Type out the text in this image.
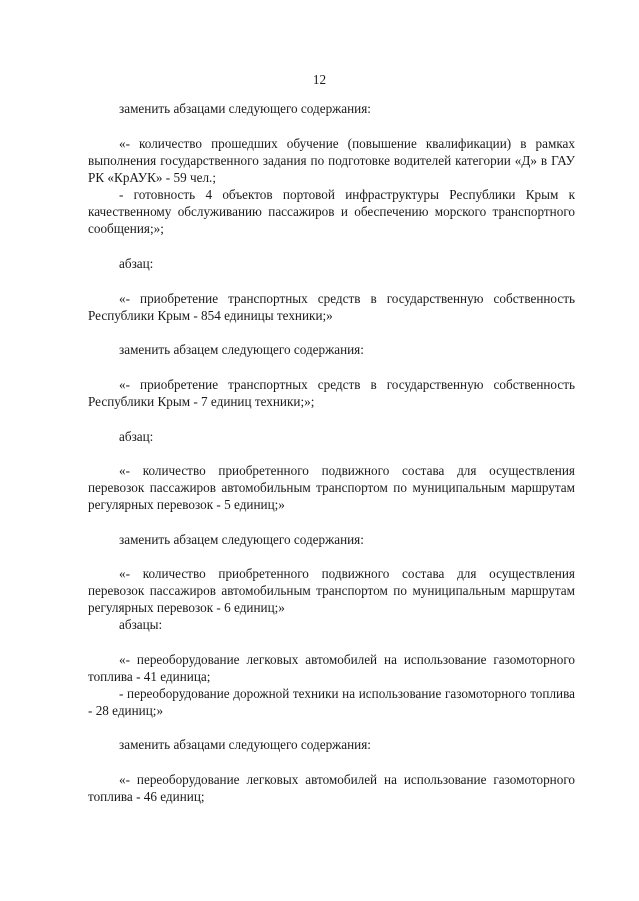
12

заменить абзацами следующего содержания:

«- количество прошедших обучение (повышение квалификации) в рамках выполнения государственного задания по подготовке водителей категории «Д» в ГАУ РК «КрАУК» - 59 чел.;

- готовность 4 объектов портовой инфраструктуры Республики Крым к качественному обслуживанию пассажиров и обеспечению морского транспортного сообщения;»;

абзац:

«- приобретение транспортных средств в государственную собственность Республики Крым - 854 единицы техники;»

заменить абзацем следующего содержания:

«- приобретение транспортных средств в государственную собственность Республики Крым - 7 единиц техники;»;

абзац:

«- количество приобретенного подвижного состава для осуществления перевозок пассажиров автомобильным транспортом по муниципальным маршрутам регулярных перевозок - 5 единиц;»

заменить абзацем следующего содержания:

«- количество приобретенного подвижного состава для осуществления перевозок пассажиров автомобильным транспортом по муниципальным маршрутам регулярных перевозок - 6 единиц;»

абзацы:

«- переоборудование легковых автомобилей на использование газомоторного топлива - 41 единица;

- переоборудование дорожной техники на использование газомоторного топлива - 28 единиц;»

заменить абзацами следующего содержания:

«- переоборудование легковых автомобилей на использование газомоторного топлива - 46 единиц;
